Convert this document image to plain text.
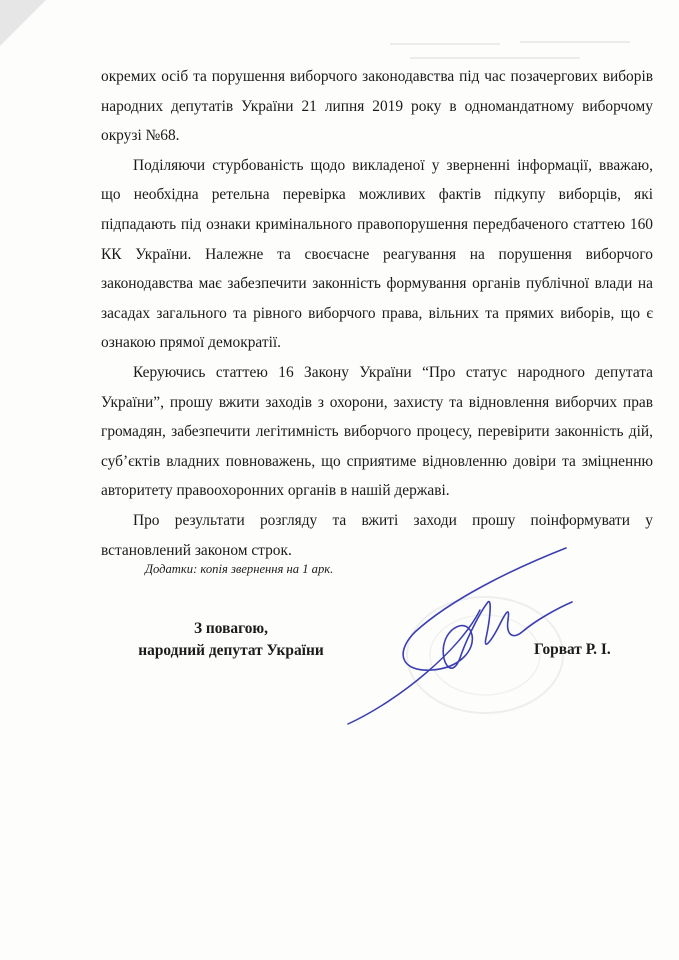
окремих осіб та порушення виборчого законодавства під час позачергових виборів народних депутатів України 21 липня 2019 року в одномандатному виборчому окрузі №68.

Поділяючи стурбованість щодо викладеної у зверненні інформації, вважаю, що необхідна ретельна перевірка можливих фактів підкупу виборців, які підпадають під ознаки кримінального правопорушення передбаченого статтею 160 КК України. Належне та своєчасне реагування на порушення виборчого законодавства має забезпечити законність формування органів публічної влади на засадах загального та рівного виборчого права, вільних та прямих виборів, що є ознакою прямої демократії.

Керуючись статтею 16 Закону України “Про статус народного депутата України”, прошу вжити заходів з охорони, захисту та відновлення виборчих прав громадян, забезпечити легітимність виборчого процесу, перевірити законність дій, суб’єктів владних повноважень, що сприятиме відновленню довіри та зміцненню авторитету правоохоронних органів в нашій державі.

Про результати розгляду та вжиті заходи прошу поінформувати у встановлений законом строк.

Додатки: копія звернення на 1 арк.
З повагою,
народний депутат України	Горват Р. І.
